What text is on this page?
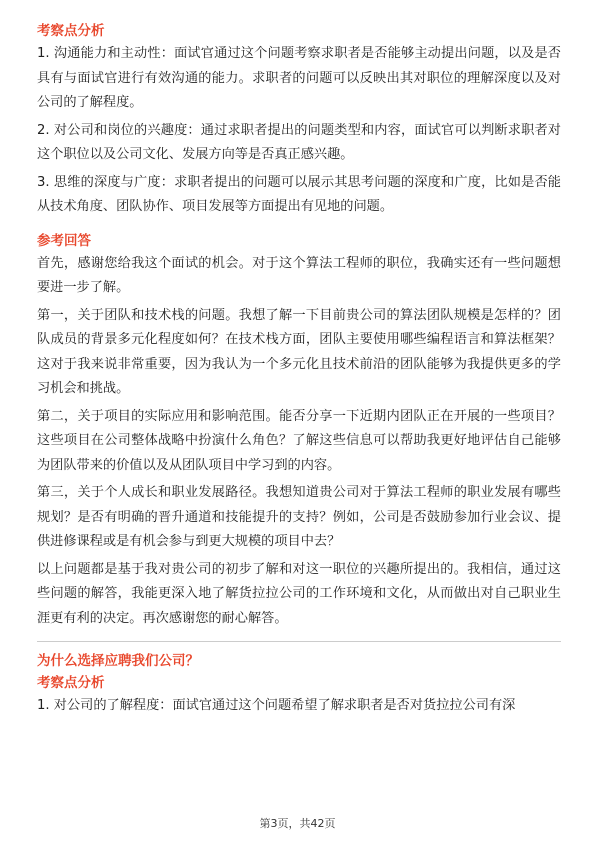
考察点分析

1. 沟通能力和主动性：面试官通过这个问题考察求职者是否能够主动提出问题，以及是否具有与面试官进行有效沟通的能力。求职者的问题可以反映出其对职位的理解深度以及对公司的了解程度。

2. 对公司和岗位的兴趣度：通过求职者提出的问题类型和内容，面试官可以判断求职者对这个职位以及公司文化、发展方向等是否真正感兴趣。

3. 思维的深度与广度：求职者提出的问题可以展示其思考问题的深度和广度，比如是否能从技术角度、团队协作、项目发展等方面提出有见地的问题。

参考回答

首先，感谢您给我这个面试的机会。对于这个算法工程师的职位，我确实还有一些问题想要进一步了解。

第一，关于团队和技术栈的问题。我想了解一下目前贵公司的算法团队规模是怎样的？团队成员的背景多元化程度如何？在技术栈方面，团队主要使用哪些编程语言和算法框架？这对于我来说非常重要，因为我认为一个多元化且技术前沿的团队能够为我提供更多的学习机会和挑战。

第二，关于项目的实际应用和影响范围。能否分享一下近期内团队正在开展的一些项目？这些项目在公司整体战略中扮演什么角色？了解这些信息可以帮助我更好地评估自己能够为团队带来的价值以及从团队项目中学习到的内容。

第三，关于个人成长和职业发展路径。我想知道贵公司对于算法工程师的职业发展有哪些规划？是否有明确的晋升通道和技能提升的支持？例如，公司是否鼓励参加行业会议、提供进修课程或是有机会参与到更大规模的项目中去？

以上问题都是基于我对贵公司的初步了解和对这一职位的兴趣所提出的。我相信，通过这些问题的解答，我能更深入地了解货拉拉公司的工作环境和文化，从而做出对自己职业生涯更有利的决定。再次感谢您的耐心解答。

为什么选择应聘我们公司？
考察点分析

1. 对公司的了解程度：面试官通过这个问题希望了解求职者是否对货拉拉公司有深

第3页，共42页
